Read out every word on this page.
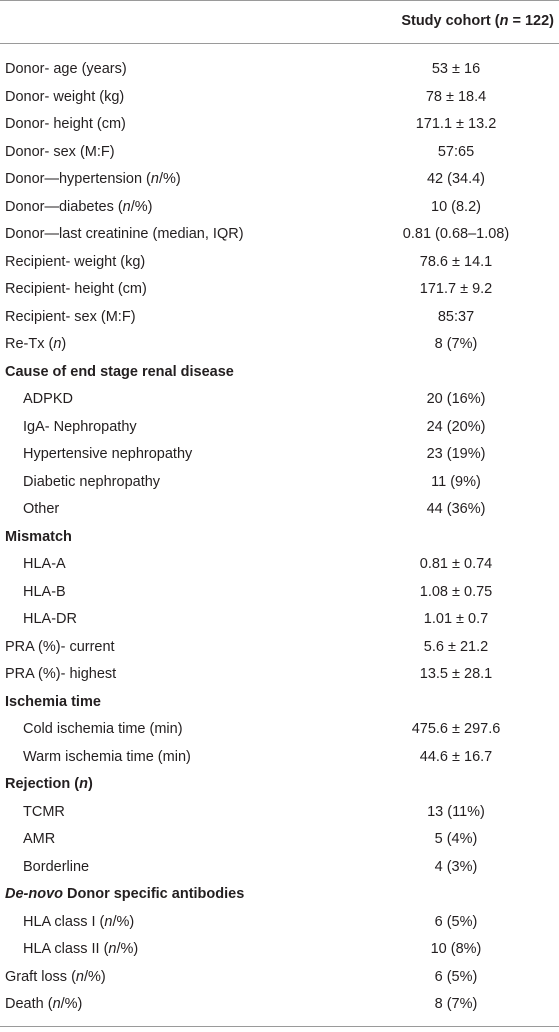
Study cohort (n = 122)
Donor- age (years)	53 ± 16
Donor- weight (kg)	78 ± 18.4
Donor- height (cm)	171.1 ± 13.2
Donor- sex (M:F)	57:65
Donor—hypertension (n/%)	42 (34.4)
Donor—diabetes (n/%)	10 (8.2)
Donor—last creatinine (median, IQR)	0.81 (0.68–1.08)
Recipient- weight (kg)	78.6 ± 14.1
Recipient- height (cm)	171.7 ± 9.2
Recipient- sex (M:F)	85:37
Re-Tx (n)	8 (7%)
Cause of end stage renal disease
ADPKD	20 (16%)
IgA- Nephropathy	24 (20%)
Hypertensive nephropathy	23 (19%)
Diabetic nephropathy	11 (9%)
Other	44 (36%)
Mismatch
HLA-A	0.81 ± 0.74
HLA-B	1.08 ± 0.75
HLA-DR	1.01 ± 0.7
PRA (%)- current	5.6 ± 21.2
PRA (%)- highest	13.5 ± 28.1
Ischemia time
Cold ischemia time (min)	475.6 ± 297.6
Warm ischemia time (min)	44.6 ± 16.7
Rejection (n)
TCMR	13 (11%)
AMR	5 (4%)
Borderline	4 (3%)
De-novo Donor specific antibodies
HLA class I (n/%)	6 (5%)
HLA class II (n/%)	10 (8%)
Graft loss (n/%)	6 (5%)
Death (n/%)	8 (7%)
